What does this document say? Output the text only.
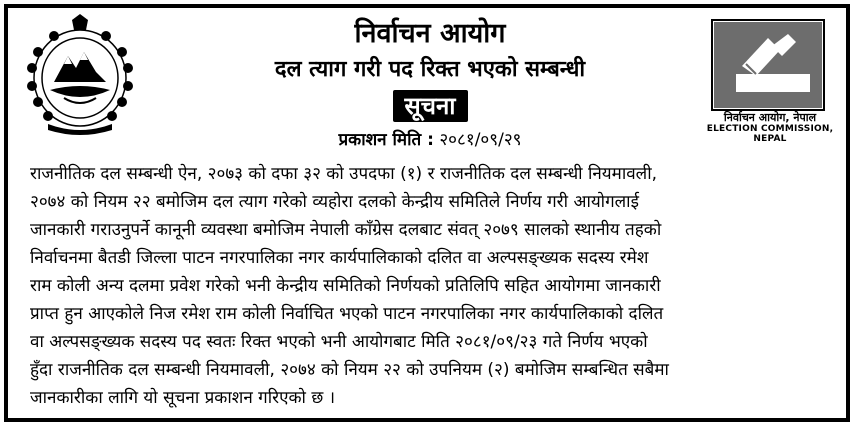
निर्वाचन आयोग, नेपाल
ELECTION COMMISSION, NEPAL
निर्वाचन आयोग
दल त्याग गरी पद रिक्त भएको सम्बन्धी
सूचना
प्रकाशन मिति : २०८१/०९/२९
राजनीतिक दल सम्बन्धी ऐन, २०७३ को दफा ३२ को उपदफा (१) र राजनीतिक दल सम्बन्धी नियमावली,
२०७४ को नियम २२ बमोजिम दल त्याग गरेको व्यहोरा दलको केन्द्रीय समितिले निर्णय गरी आयोगलाई
जानकारी गराउनुपर्ने कानूनी व्यवस्था बमोजिम नेपाली काँग्रेस दलबाट संवत् २०७९ सालको स्थानीय तहको
निर्वाचनमा बैतडी जिल्ला पाटन नगरपालिका नगर कार्यपालिकाको दलित वा अल्पसङ्ख्यक सदस्य रमेश
राम कोली अन्य दलमा प्रवेश गरेको भनी केन्द्रीय समितिको निर्णयको प्रतिलिपि सहित आयोगमा जानकारी
प्राप्त हुन आएकोले निज रमेश राम कोली निर्वाचित भएको पाटन नगरपालिका नगर कार्यपालिकाको दलित
वा अल्पसङ्ख्यक सदस्य पद स्वतः रिक्त भएको भनी आयोगबाट मिति २०८१/०९/२३ गते निर्णय भएको
हुँदा राजनीतिक दल सम्बन्धी नियमावली, २०७४ को नियम २२ को उपनियम (२) बमोजिम सम्बन्धित सबैमा
जानकारीका लागि यो सूचना प्रकाशन गरिएको छ ।
